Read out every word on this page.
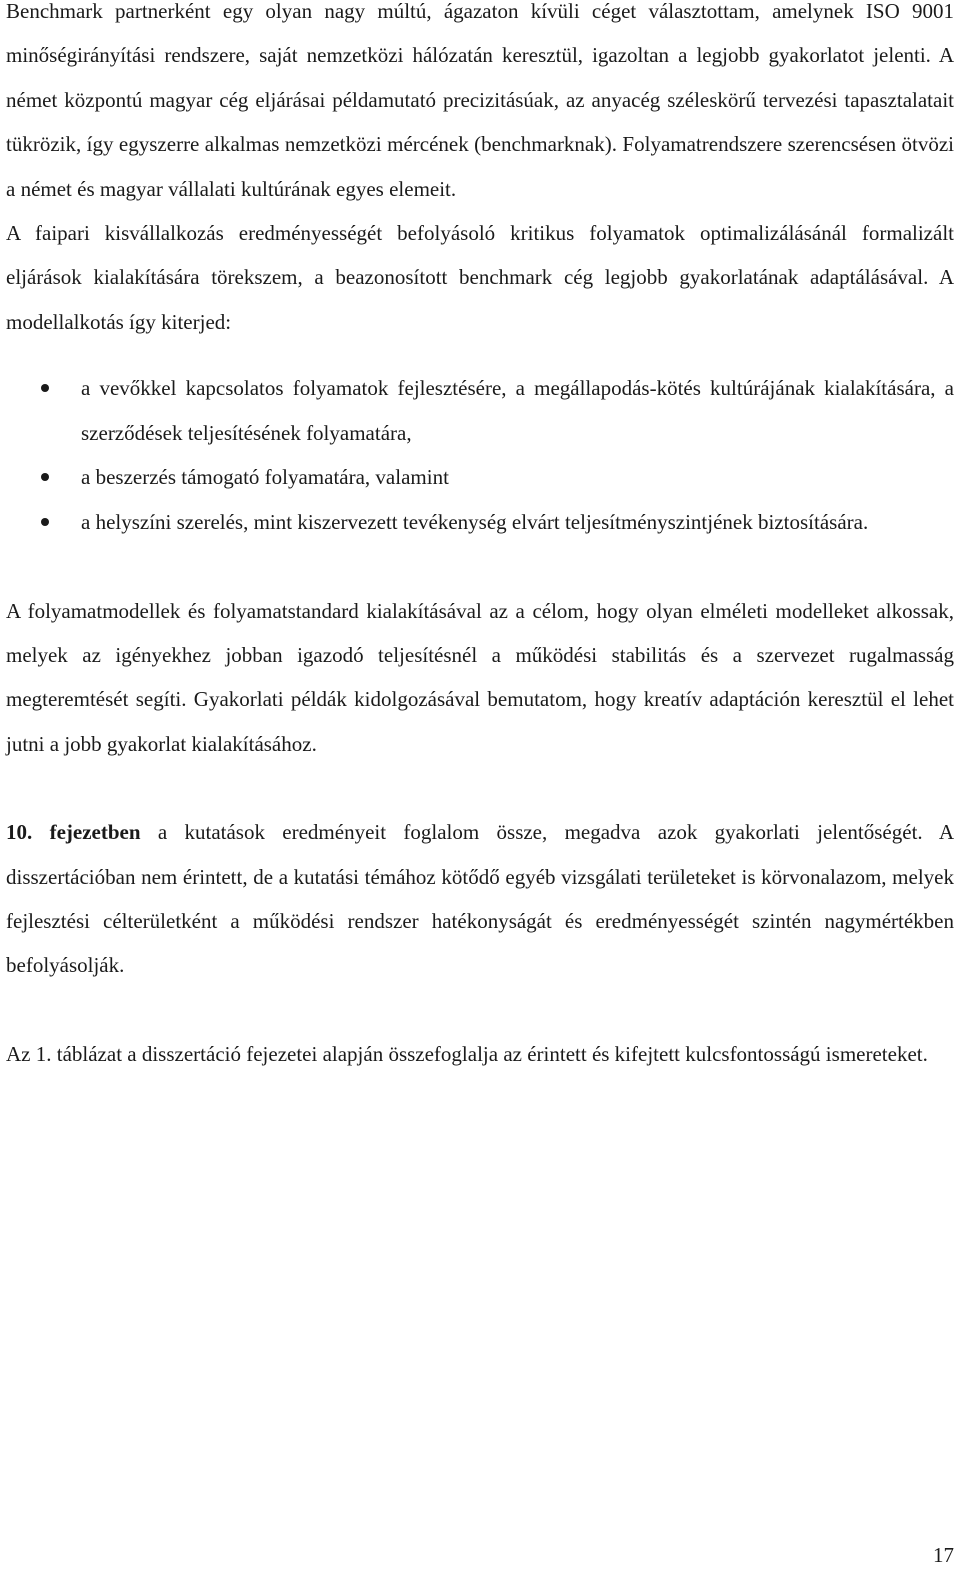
Benchmark partnerként egy olyan nagy múltú, ágazaton kívüli céget választottam, amelynek ISO 9001 minőségirányítási rendszere, saját nemzetközi hálózatán keresztül, igazoltan a legjobb gyakorlatot jelenti. A német központú magyar cég eljárásai példamutató precizitásúak, az anyacég széleskörű tervezési tapasztalatait tükrözik, így egyszerre alkalmas nemzetközi mércének (benchmarknak). Folyamatrendszere szerencsésen ötvözi a német és magyar vállalati kultúrának egyes elemeit.

A faipari kisvállalkozás eredményességét befolyásoló kritikus folyamatok optimalizálásánál formalizált eljárások kialakítására törekszem, a beazonosított benchmark cég legjobb gyakorlatának adaptálásával. A modellalkotás így kiterjed:

a vevőkkel kapcsolatos folyamatok fejlesztésére, a megállapodás-kötés kultúrájának kialakítására, a szerződések teljesítésének folyamatára,
a beszerzés támogató folyamatára, valamint
a helyszíni szerelés, mint kiszervezett tevékenység elvárt teljesítményszintjének biztosítására.

A folyamatmodellek és folyamatstandard kialakításával az a célom, hogy olyan elméleti modelleket alkossak, melyek az igényekhez jobban igazodó teljesítésnél a működési stabilitás és a szervezet rugalmasság megteremtését segíti. Gyakorlati példák kidolgozásával bemutatom, hogy kreatív adaptáción keresztül el lehet jutni a jobb gyakorlat kialakításához.

10. fejezetben a kutatások eredményeit foglalom össze, megadva azok gyakorlati jelentőségét. A disszertációban nem érintett, de a kutatási témához kötődő egyéb vizsgálati területeket is körvonalazom, melyek fejlesztési célterületként a működési rendszer hatékonyságát és eredményességét szintén nagymértékben befolyásolják.

Az 1. táblázat a disszertáció fejezetei alapján összefoglalja az érintett és kifejtett kulcsfontosságú ismereteket.

17
